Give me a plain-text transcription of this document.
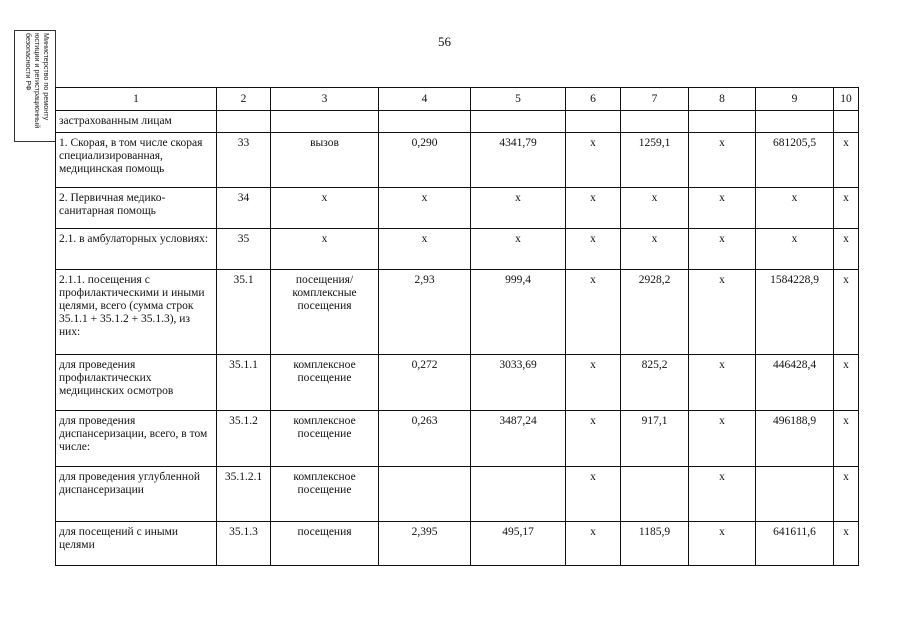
Министерство по ремонту
юстиции и регистрационный
безопасности РФ
56
1	2	3	4	5	6	7	8	9	10
застрахованным лицам									
1. Скорая, в том числе скорая специализированная, медицинская помощь	33	вызов	0,290	4341,79	x	1259,1	x	681205,5	x
2. Первичная медико-санитарная помощь	34	x	x	x	x	x	x	x	x
2.1. в амбулаторных условиях:	35	x	x	x	x	x	x	x	x
2.1.1. посещения с профилактическими и иными целями, всего (сумма строк 35.1.1 + 35.1.2 + 35.1.3), из них:	35.1	посещения/комплексные посещения	2,93	999,4	x	2928,2	x	1584228,9	x
для проведения профилактических медицинских осмотров	35.1.1	комплексное посещение	0,272	3033,69	x	825,2	x	446428,4	x
для проведения диспансеризации, всего, в том числе:	35.1.2	комплексное посещение	0,263	3487,24	x	917,1	x	496188,9	x
для проведения углубленной диспансеризации	35.1.2.1	комплексное посещение			x		x		x
для посещений с иными целями	35.1.3	посещения	2,395	495,17	x	1185,9	x	641611,6	x
